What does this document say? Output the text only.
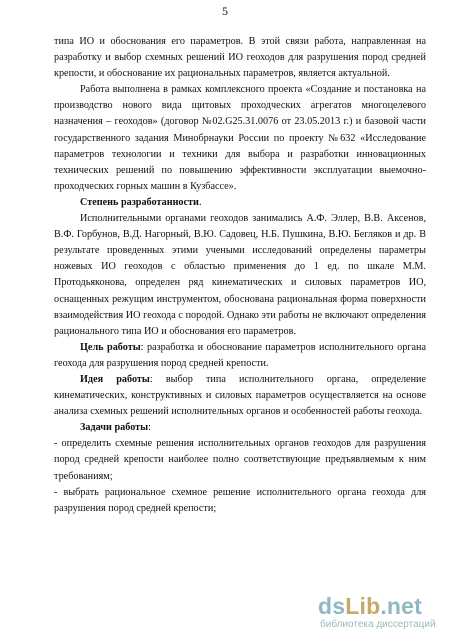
5

типа ИО и обоснования его параметров. В этой связи работа, направленная на разработку и выбор схемных решений ИО геоходов для разрушения пород средней крепости, и обоснование их рациональных параметров, является актуальной.

Работа выполнена в рамках комплексного проекта «Создание и постановка на производство нового вида щитовых проходческих агрегатов многоцелевого назначения – геоходов» (договор №02.G25.31.0076 от 23.05.2013 г.) и базовой части государственного задания Минобрнауки России по проекту №632 «Исследование параметров технологии и техники для выбора и разработки инновационных технических решений по повышению эффективности эксплуатации выемочно-проходческих горных машин в Кузбассе».

Степень разработанности.

Исполнительными органами геоходов занимались А.Ф. Эллер, В.В. Аксенов, В.Ф. Горбунов, В.Д. Нагорный, В.Ю. Садовец, Н.Б. Пушкина, В.Ю. Бегляков и др. В результате проведенных этими учеными исследований определены параметры ножевых ИО геоходов с областью применения до 1 ед. по шкале М.М. Протодьяконова, определен ряд кинематических и силовых параметров ИО, оснащенных режущим инструментом, обоснована рациональная форма поверхности взаимодействия ИО геохода с породой. Однако эти работы не включают определения рационального типа ИО и обоснования его параметров.

Цель работы: разработка и обоснование параметров исполнительного органа геохода для разрушения пород средней крепости.

Идея работы: выбор типа исполнительного органа, определение кинематических, конструктивных и силовых параметров осуществляется на основе анализа схемных решений исполнительных органов и особенностей работы геохода.

Задачи работы:

- определить схемные решения исполнительных органов геоходов для разрушения пород средней крепости наиболее полно соответствующие предъявляемым к ним требованиям;

- выбрать рациональное схемное решение исполнительного органа геохода для разрушения пород средней крепости;

dsLib.net
библиотека диссертаций
